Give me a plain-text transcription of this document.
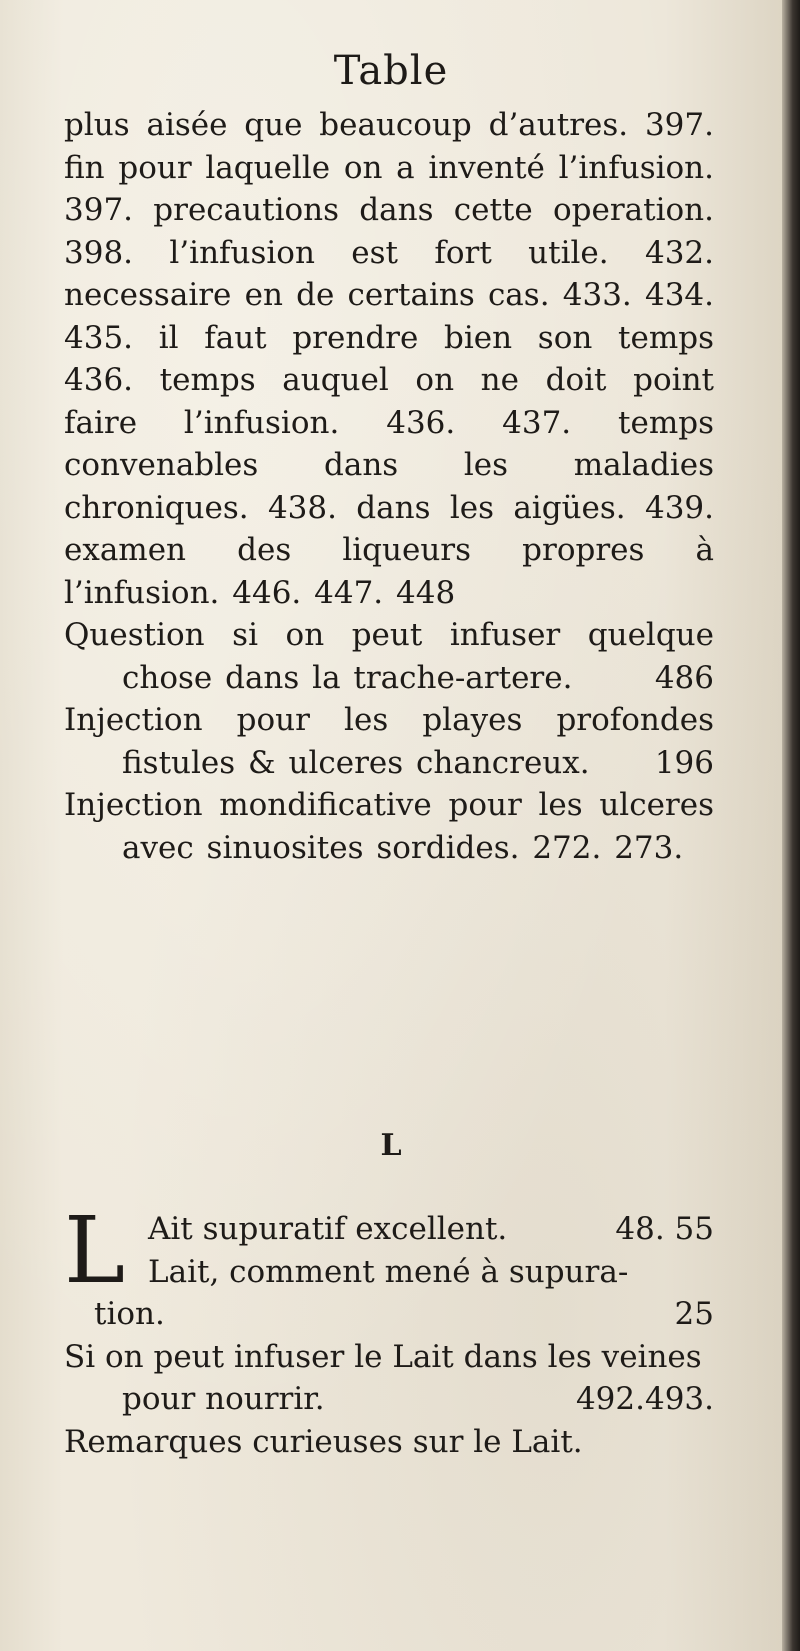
Table

plus aisée que beaucoup d’autres. 397. fin pour laquelle on a inventé l’infusion. 397. precautions dans cette operation. 398. l’infusion est fort utile. 432. necessaire en de certains cas. 433. 434. 435. il faut prendre bien son temps 436. temps auquel on ne doit point faire l’infusion. 436. 437. temps convenables dans les maladies chroniques. 438. dans les aigües. 439. examen des liqueurs propres à l’infusion. 446. 447. 448

Question si on peut infuser quelque chose dans la trache-artere.	486

Injection pour les playes profondes fistules & ulceres chancreux. 196

Injection mondificative pour les ulceres avec sinuosites sordides. 272. 273.

L
L Ait supuratif excellent.	48. 55
Lait, comment mené à supura-
tion.	25

Si on peut infuser le Lait dans les veines pour nourrir.	492.493.

Remarques curieuses sur le Lait.
